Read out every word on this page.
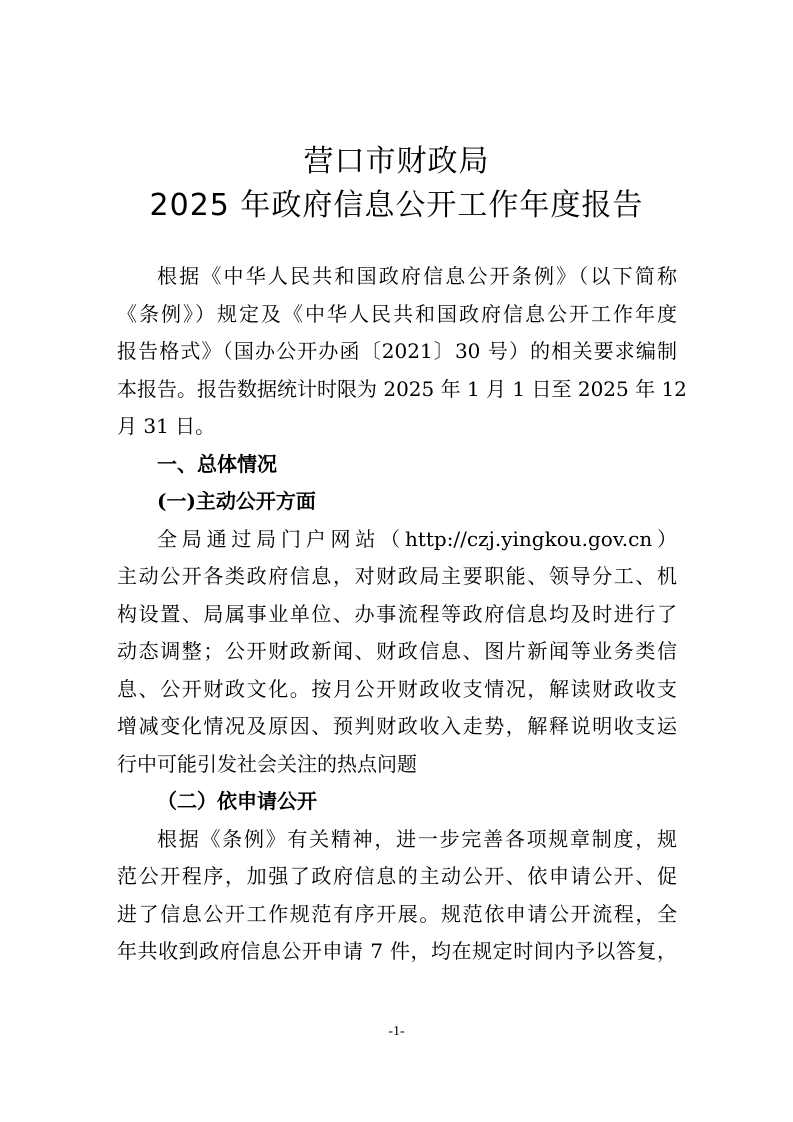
营口市财政局
2025 年政府信息公开工作年度报告
根据《中华人民共和国政府信息公开条例》（以下简称
《条例》）规定及《中华人民共和国政府信息公开工作年度
报告格式》（国办公开办函〔2021〕30 号）的相关要求编制
本报告。报告数据统计时限为 2025 年 1 月 1 日至 2025 年 12
月 31 日。
一、总体情况
(一)主动公开方面
全局通过局门户网站（http://czj.yingkou.gov.cn）
主动公开各类政府信息，对财政局主要职能、领导分工、机
构设置、局属事业单位、办事流程等政府信息均及时进行了
动态调整；公开财政新闻、财政信息、图片新闻等业务类信
息、公开财政文化。按月公开财政收支情况，解读财政收支
增减变化情况及原因、预判财政收入走势，解释说明收支运
行中可能引发社会关注的热点问题
（二）依申请公开
根据《条例》有关精神，进一步完善各项规章制度，规
范公开程序，加强了政府信息的主动公开、依申请公开、促
进了信息公开工作规范有序开展。规范依申请公开流程，全
年共收到政府信息公开申请 7 件，均在规定时间内予以答复，
-1-
